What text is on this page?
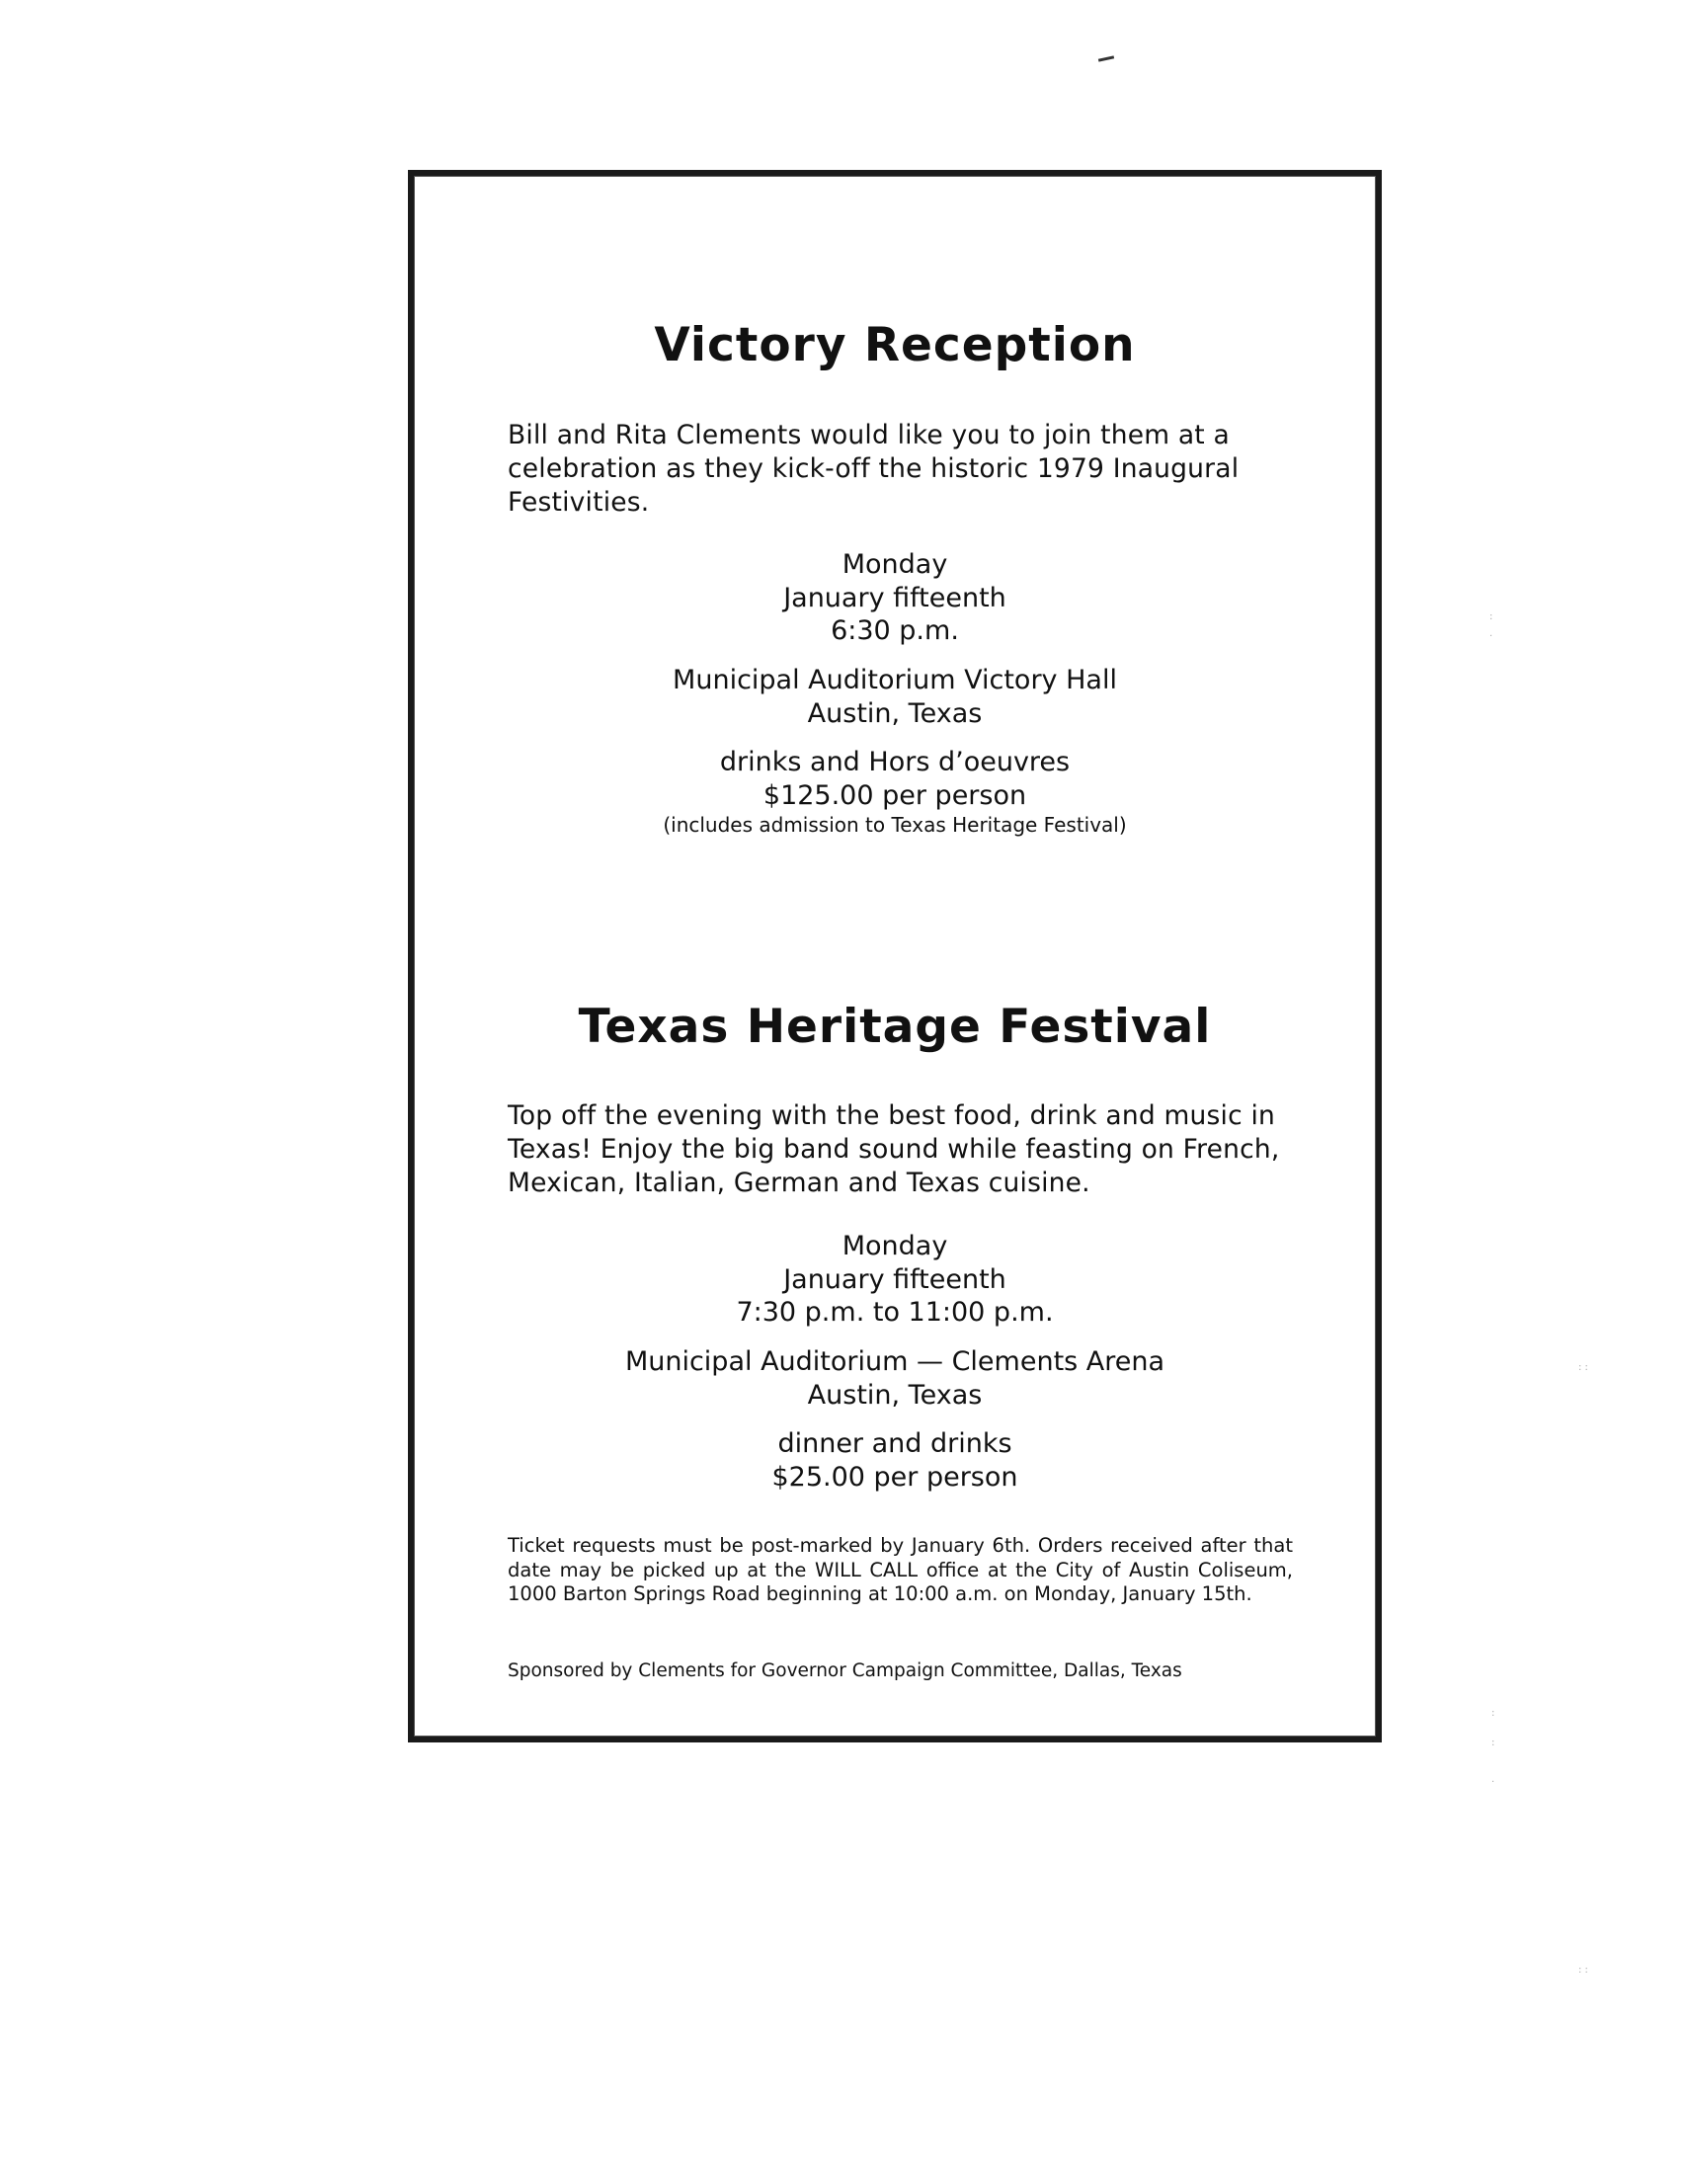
Victory Reception

Bill and Rita Clements would like you to join them at a celebration as they kick-off the historic 1979 Inaugural Festivities.

Monday
January fifteenth
6:30 p.m.
Municipal Auditorium Victory Hall
Austin, Texas
drinks and Hors d’oeuvres
$125.00 per person
(includes admission to Texas Heritage Festival)
Texas Heritage Festival

Top off the evening with the best food, drink and music in Texas! Enjoy the big band sound while feasting on French, Mexican, Italian, German and Texas cuisine.

Monday
January fifteenth
7:30 p.m. to 11:00 p.m.
Municipal Auditorium — Clements Arena
Austin, Texas
dinner and drinks
$25.00 per person

Ticket requests must be post-marked by January 6th. Orders received after that date may be picked up at the WILL CALL office at the City of Austin Coliseum, 1000 Barton Springs Road beginning at 10:00 a.m. on Monday, January 15th.

Sponsored by Clements for Governor Campaign Committee, Dallas, Texas

:
·
: :
:
:
·
: :
